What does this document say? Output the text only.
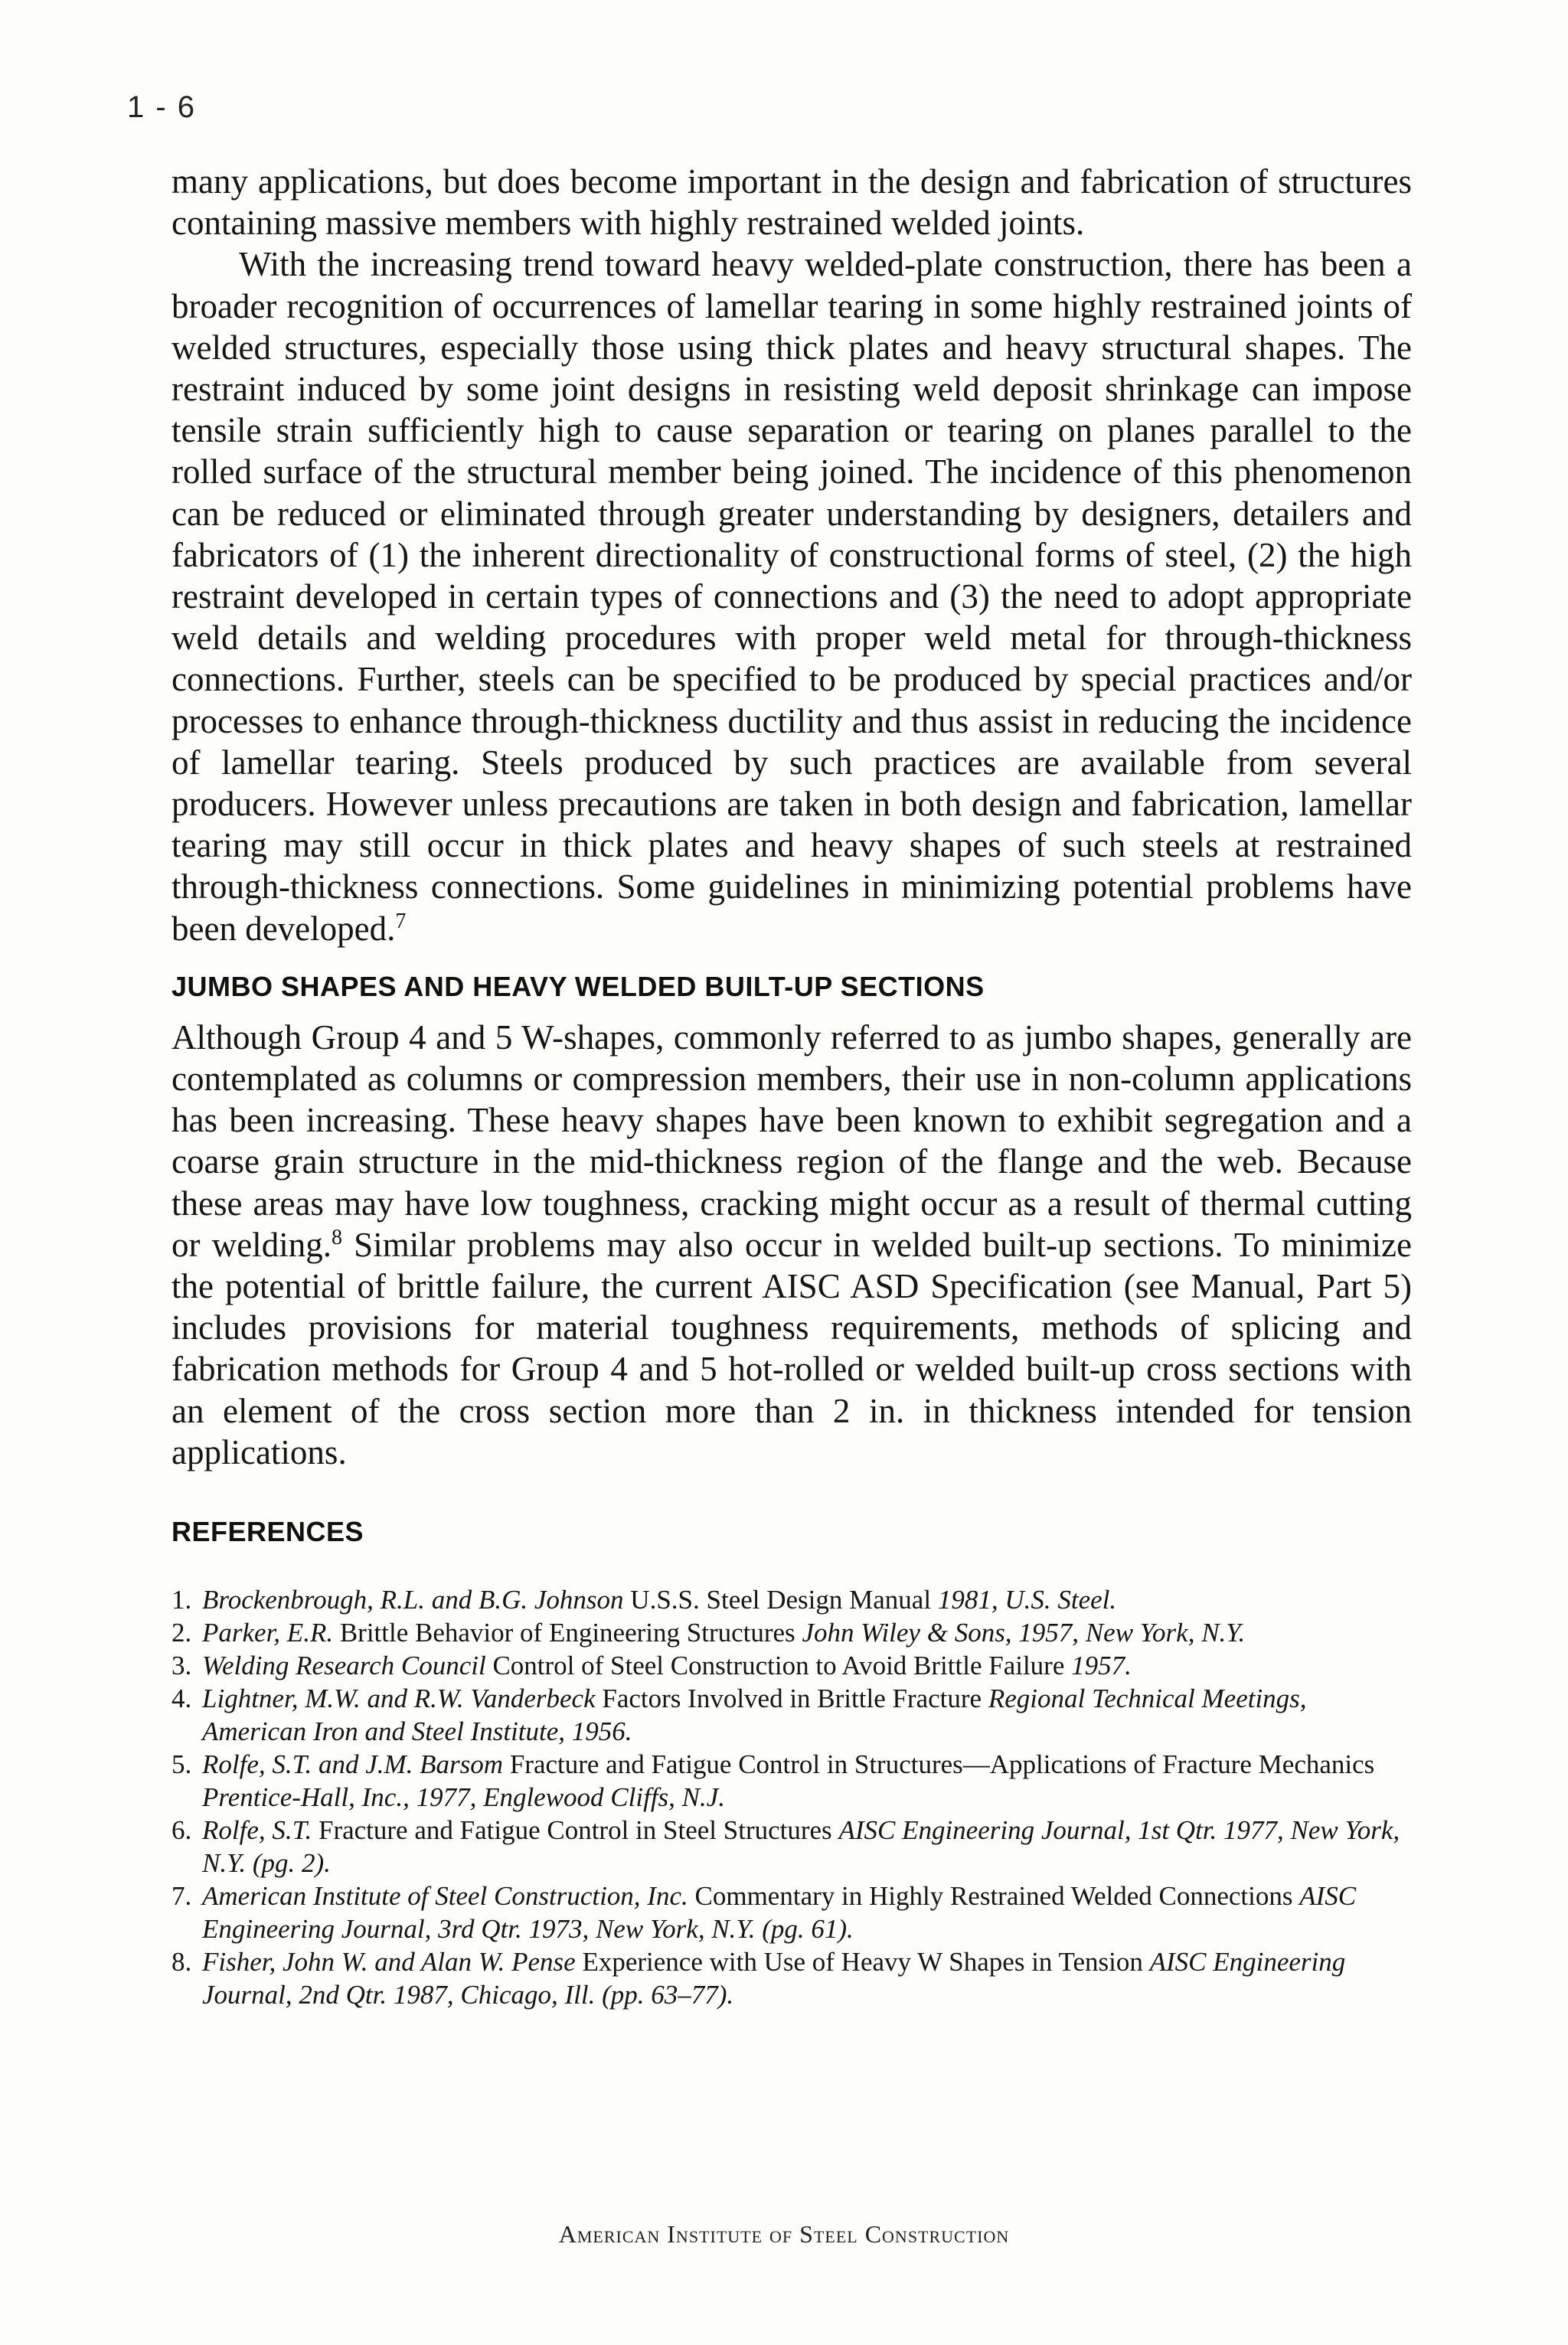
1 - 6

many applications, but does become important in the design and fabrication of structures containing massive members with highly restrained welded joints.

With the increasing trend toward heavy welded-plate construction, there has been a broader recognition of occurrences of lamellar tearing in some highly restrained joints of welded structures, especially those using thick plates and heavy structural shapes. The restraint induced by some joint designs in resisting weld deposit shrinkage can impose tensile strain sufficiently high to cause separation or tearing on planes parallel to the rolled surface of the structural member being joined. The incidence of this phenomenon can be reduced or eliminated through greater understanding by designers, detailers and fabricators of (1) the inherent directionality of constructional forms of steel, (2) the high restraint developed in certain types of connections and (3) the need to adopt appropriate weld details and welding procedures with proper weld metal for through-thickness connections. Further, steels can be specified to be produced by special practices and/or processes to enhance through-thickness ductility and thus assist in reducing the incidence of lamellar tearing. Steels produced by such practices are available from several producers. However unless precautions are taken in both design and fabrication, lamellar tearing may still occur in thick plates and heavy shapes of such steels at restrained through-thickness connections. Some guidelines in minimizing potential problems have been developed.$^7$

JUMBO SHAPES AND HEAVY WELDED BUILT-UP SECTIONS

Although Group 4 and 5 W-shapes, commonly referred to as jumbo shapes, generally are contemplated as columns or compression members, their use in non-column applications has been increasing. These heavy shapes have been known to exhibit segregation and a coarse grain structure in the mid-thickness region of the flange and the web. Because these areas may have low toughness, cracking might occur as a result of thermal cutting or welding.$^8$ Similar problems may also occur in welded built-up sections. To minimize the potential of brittle failure, the current AISC ASD Specification (see Manual, Part 5) includes provisions for material toughness requirements, methods of splicing and fabrication methods for Group 4 and 5 hot-rolled or welded built-up cross sections with an element of the cross section more than 2 in. in thickness intended for tension applications.

REFERENCES
1. Brockenbrough, R.L. and B.G. Johnson U.S.S. Steel Design Manual 1981, U.S. Steel.
2. Parker, E.R. Brittle Behavior of Engineering Structures John Wiley & Sons, 1957, New York, N.Y.
3. Welding Research Council Control of Steel Construction to Avoid Brittle Failure 1957.
4. Lightner, M.W. and R.W. Vanderbeck Factors Involved in Brittle Fracture Regional Technical Meetings, American Iron and Steel Institute, 1956.
5. Rolfe, S.T. and J.M. Barsom Fracture and Fatigue Control in Structures—Applications of Fracture Mechanics Prentice-Hall, Inc., 1977, Englewood Cliffs, N.J.
6. Rolfe, S.T. Fracture and Fatigue Control in Steel Structures AISC Engineering Journal, 1st Qtr. 1977, New York, N.Y. (pg. 2).
7. American Institute of Steel Construction, Inc. Commentary in Highly Restrained Welded Connections AISC Engineering Journal, 3rd Qtr. 1973, New York, N.Y. (pg. 61).
8. Fisher, John W. and Alan W. Pense Experience with Use of Heavy W Shapes in Tension AISC Engineering Journal, 2nd Qtr. 1987, Chicago, Ill. (pp. 63–77).
American Institute of Steel Construction
